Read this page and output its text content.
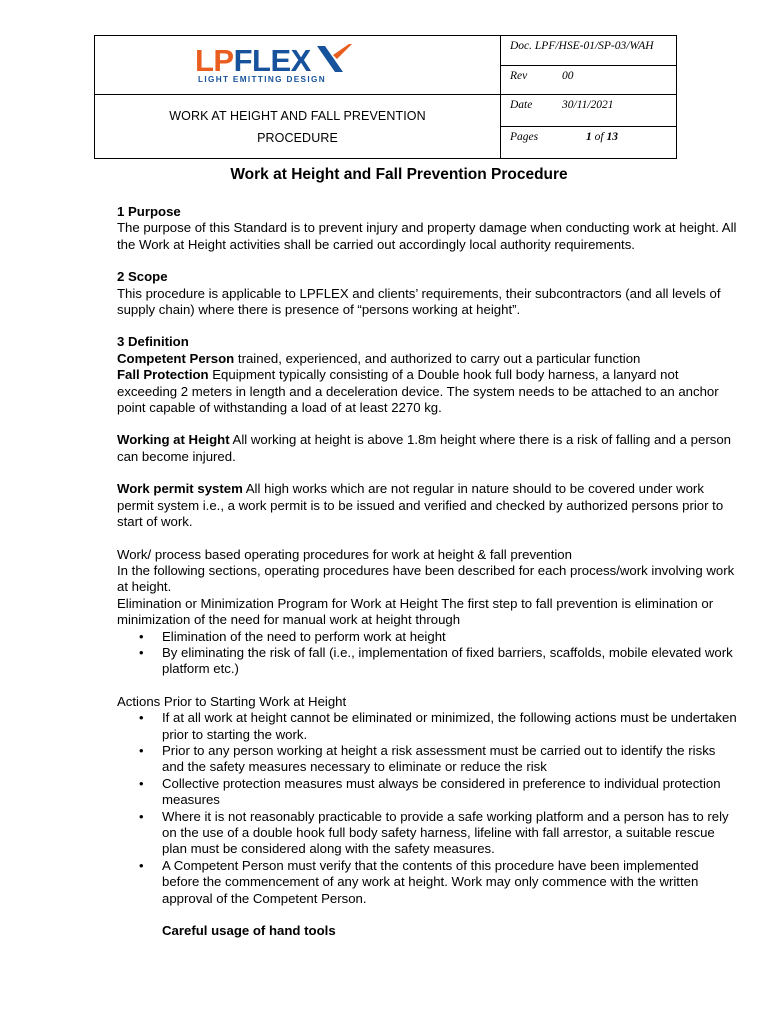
LPFLEX
LIGHT EMITTING DESIGN	Doc. LPF/HSE-01/SP-03/WAH
	Rev 00

WORK AT HEIGHT AND FALL PREVENTION
PROCEDURE	Date 30/11/2021
	Pages 1 of 13
Work at Height and Fall Prevention Procedure

1 Purpose

The purpose of this Standard is to prevent injury and property damage when conducting work at height. All the Work at Height activities shall be carried out accordingly local authority requirements.

2 Scope

This procedure is applicable to LPFLEX and clients’ requirements, their subcontractors (and all levels of supply chain) where there is presence of “persons working at height”.

3 Definition

Competent Person trained, experienced, and authorized to carry out a particular function

Fall Protection Equipment typically consisting of a Double hook full body harness, a lanyard not exceeding 2 meters in length and a deceleration device. The system needs to be attached to an anchor point capable of withstanding a load of at least 2270 kg.

Working at Height All working at height is above 1.8m height where there is a risk of falling and a person can become injured.

Work permit system All high works which are not regular in nature should to be covered under work permit system i.e., a work permit is to be issued and verified and checked by authorized persons prior to start of work.

Work/ process based operating procedures for work at height & fall prevention

In the following sections, operating procedures have been described for each process/work involving work at height.

Elimination or Minimization Program for Work at Height The first step to fall prevention is elimination or minimization of the need for manual work at height through

• Elimination of the need to perform work at height
• By eliminating the risk of fall (i.e., implementation of fixed barriers, scaffolds, mobile elevated work platform etc.)

Actions Prior to Starting Work at Height

• If at all work at height cannot be eliminated or minimized, the following actions must be undertaken prior to starting the work.
• Prior to any person working at height a risk assessment must be carried out to identify the risks and the safety measures necessary to eliminate or reduce the risk
• Collective protection measures must always be considered in preference to individual protection measures
• Where it is not reasonably practicable to provide a safe working platform and a person has to rely on the use of a double hook full body safety harness, lifeline with fall arrestor, a suitable rescue plan must be considered along with the safety measures.
• A Competent Person must verify that the contents of this procedure have been implemented before the commencement of any work at height. Work may only commence with the written approval of the Competent Person.

Careful usage of hand tools
